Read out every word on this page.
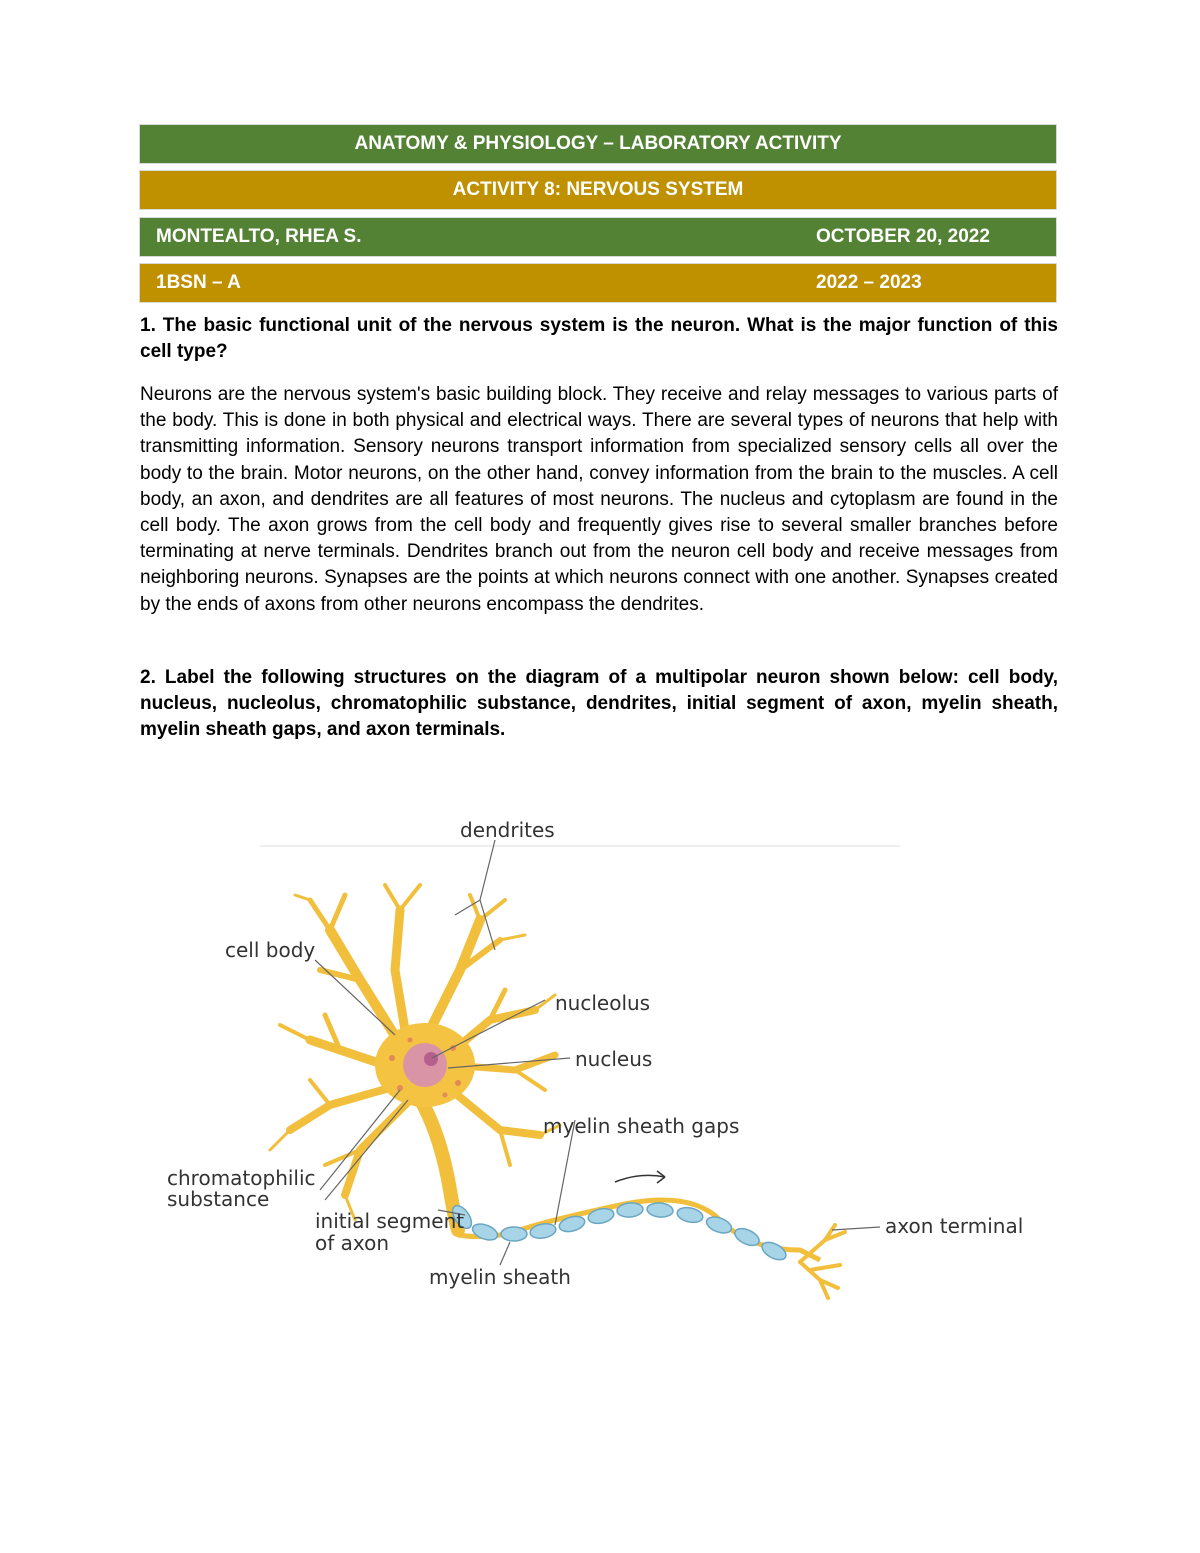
ANATOMY & PHYSIOLOGY – LABORATORY ACTIVITY
ACTIVITY 8: NERVOUS SYSTEM
MONTEALTO, RHEA S.	OCTOBER 20, 2022
1BSN – A	2022 – 2023
1. The basic functional unit of the nervous system is the neuron. What is the major function of this cell type?
Neurons are the nervous system's basic building block. They receive and relay messages to various parts of the body. This is done in both physical and electrical ways. There are several types of neurons that help with transmitting information. Sensory neurons transport information from specialized sensory cells all over the body to the brain. Motor neurons, on the other hand, convey information from the brain to the muscles. A cell body, an axon, and dendrites are all features of most neurons. The nucleus and cytoplasm are found in the cell body. The axon grows from the cell body and frequently gives rise to several smaller branches before terminating at nerve terminals. Dendrites branch out from the neuron cell body and receive messages from neighboring neurons. Synapses are the points at which neurons connect with one another. Synapses created by the ends of axons from other neurons encompass the dendrites.
2. Label the following structures on the diagram of a multipolar neuron shown below: cell body, nucleus, nucleolus, chromatophilic substance, dendrites, initial segment of axon, myelin sheath, myelin sheath gaps, and axon terminals.
dendrites
cell body
nucleolus
nucleus
myelin sheath gaps
chromatophilic
substance
initial segment
of axon
myelin sheath
axon terminal
